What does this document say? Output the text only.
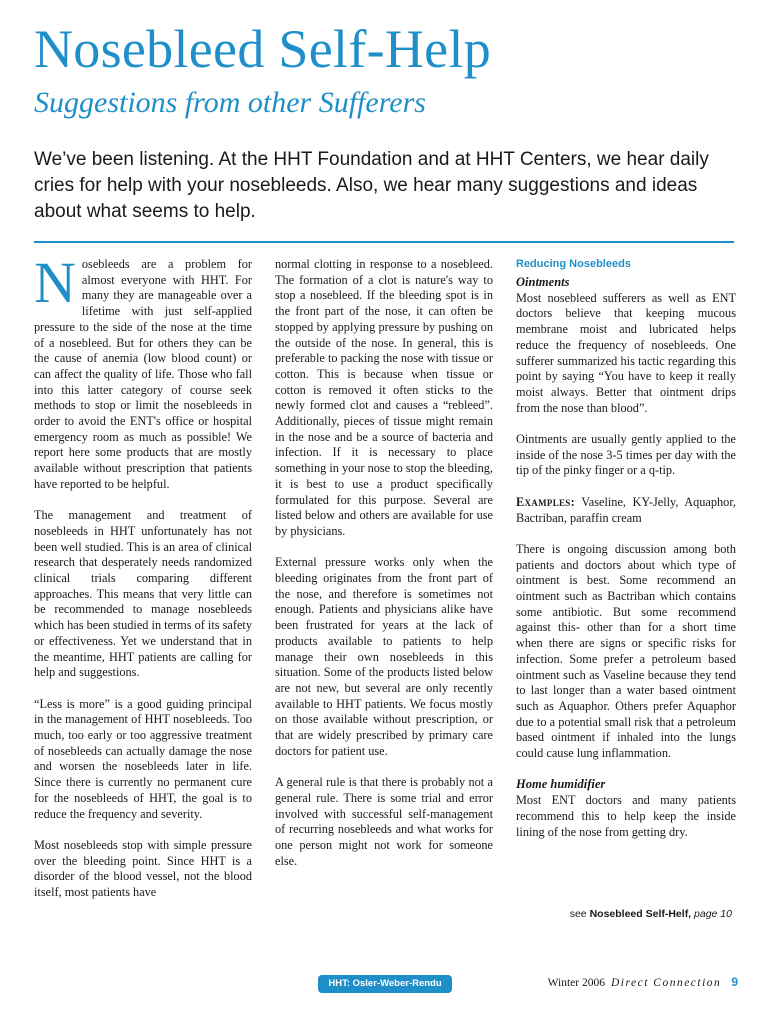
Nosebleed Self-Help
Suggestions from other Sufferers
We’ve been listening. At the HHT Foundation and at HHT Centers, we hear daily cries for help with your nosebleeds. Also, we hear many suggestions and ideas about what seems to help.

Nosebleeds are a problem for almost everyone with HHT. For many they are manageable over a lifetime with just self-applied pressure to the side of the nose at the time of a nosebleed. But for others they can be the cause of anemia (low blood count) or can affect the quality of life. Those who fall into this latter category of course seek methods to stop or limit the nosebleeds in order to avoid the ENT's office or hospital emergency room as much as possible! We report here some products that are mostly available without prescription that patients have reported to be helpful.

The management and treatment of nosebleeds in HHT unfortunately has not been well studied. This is an area of clinical research that desperately needs randomized clinical trials comparing different approaches. This means that very little can be recommended to manage nosebleeds which has been studied in terms of its safety or effectiveness. Yet we understand that in the meantime, HHT patients are calling for help and suggestions.

“Less is more” is a good guiding principal in the management of HHT nosebleeds. Too much, too early or too aggressive treatment of nosebleeds can actually damage the nose and worsen the nosebleeds later in life. Since there is currently no permanent cure for the nosebleeds of HHT, the goal is to reduce the frequency and severity.

Most nosebleeds stop with simple pressure over the bleeding point. Since HHT is a disorder of the blood vessel, not the blood itself, most patients have

normal clotting in response to a nosebleed. The formation of a clot is nature's way to stop a nosebleed. If the bleeding spot is in the front part of the nose, it can often be stopped by applying pressure by pushing on the outside of the nose. In general, this is preferable to packing the nose with tissue or cotton. This is because when tissue or cotton is removed it often sticks to the newly formed clot and causes a “rebleed”. Additionally, pieces of tissue might remain in the nose and be a source of bacteria and infection. If it is necessary to place something in your nose to stop the bleeding, it is best to use a product specifically formulated for this purpose. Several are listed below and others are available for use by physicians.

External pressure works only when the bleeding originates from the front part of the nose, and therefore is sometimes not enough. Patients and physicians alike have been frustrated for years at the lack of products available to patients to help manage their own nosebleeds in this situation. Some of the products listed below are not new, but several are only recently available to HHT patients. We focus mostly on those available without prescription, or that are widely prescribed by primary care doctors for patient use.

A general rule is that there is probably not a general rule. There is some trial and error involved with successful self-management of recurring nosebleeds and what works for one person might not work for someone else.

Reducing Nosebleeds
Ointments

Most nosebleed sufferers as well as ENT doctors believe that keeping mucous membrane moist and lubricated helps reduce the frequency of nosebleeds. One sufferer summarized his tactic regarding this point by saying “You have to keep it really moist always. Better that ointment drips from the nose than blood”.

Ointments are usually gently applied to the inside of the nose 3-5 times per day with the tip of the pinky finger or a q-tip.

Examples: Vaseline, KY-Jelly, Aquaphor, Bactriban, paraffin cream

There is ongoing discussion among both patients and doctors about which type of ointment is best. Some recommend an ointment such as Bactriban which contains some antibiotic. But some recommend against this- other than for a short time when there are signs or specific risks for infection. Some prefer a petroleum based ointment such as Vaseline because they tend to last longer than a water based ointment such as Aquaphor. Others prefer Aquaphor due to a potential small risk that a petroleum based ointment if inhaled into the lungs could cause lung inflammation.

Home humidifier

Most ENT doctors and many patients recommend this to help keep the inside lining of the nose from getting dry.

see Nosebleed Self-Helf, page 10
HHT: Osler-Weber-Rendu	Winter 2006 Direct Connection 9
